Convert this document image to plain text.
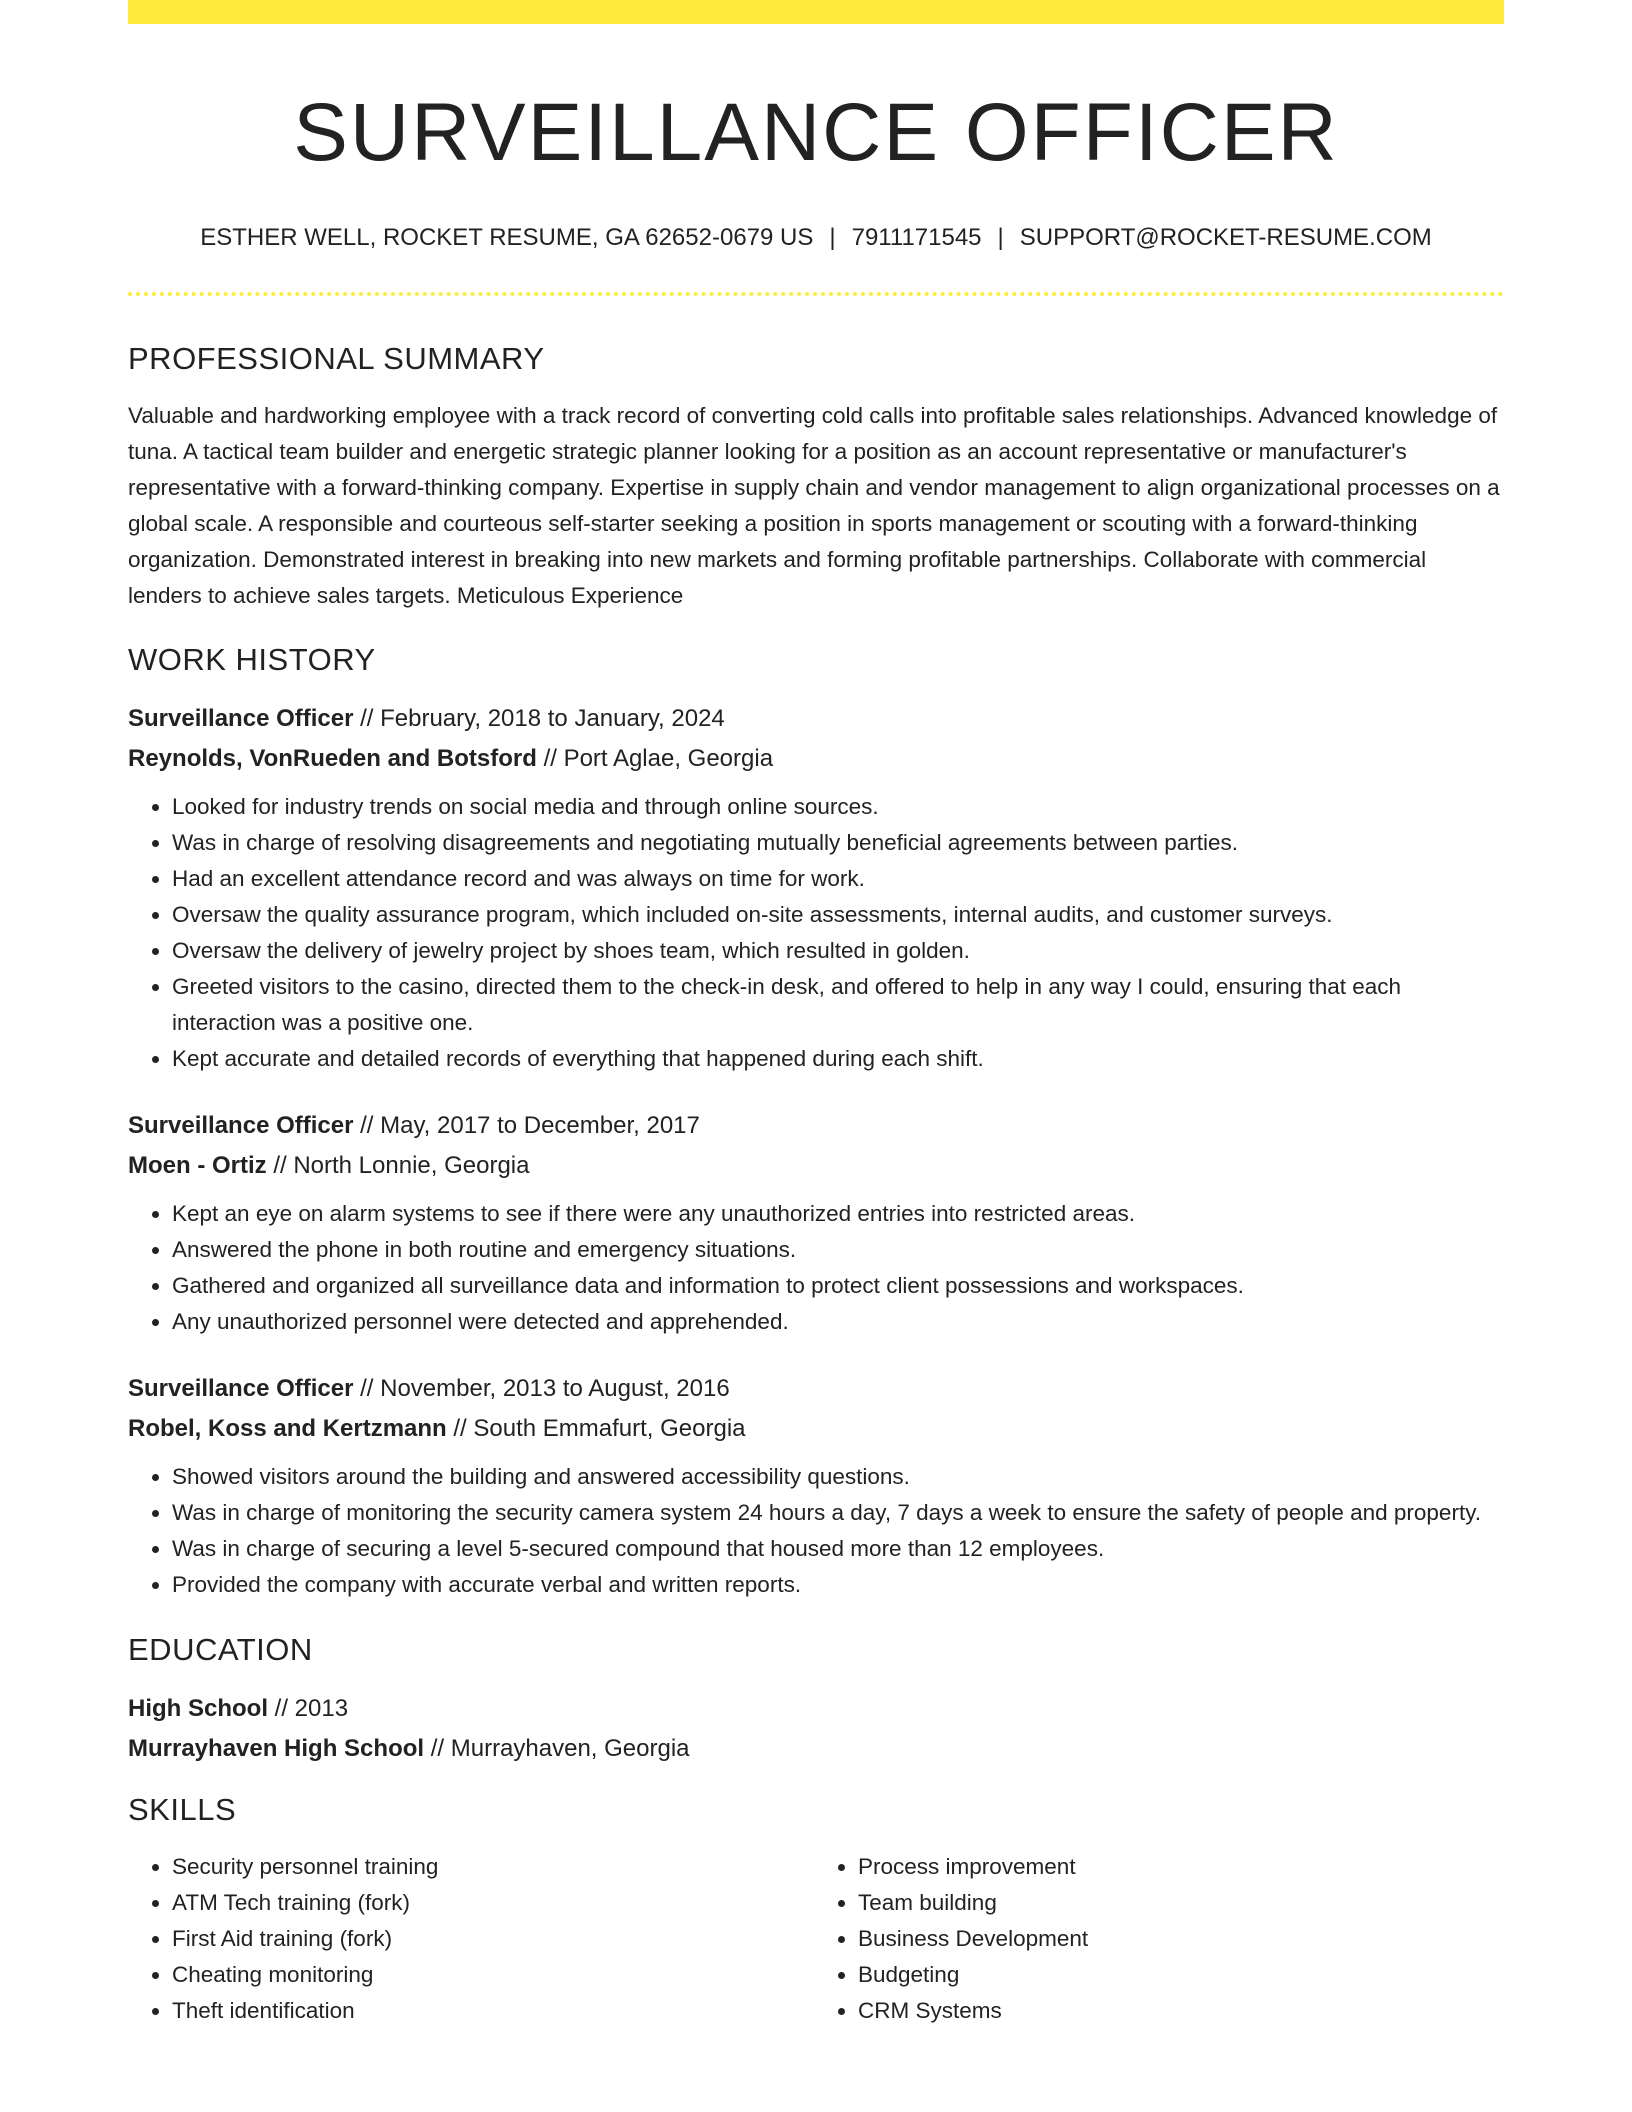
SURVEILLANCE OFFICER
ESTHER WELL, ROCKET RESUME, GA 62652-0679 US | 7911171545 | SUPPORT@ROCKET-RESUME.COM
PROFESSIONAL SUMMARY
Valuable and hardworking employee with a track record of converting cold calls into profitable sales relationships. Advanced knowledge of tuna. A tactical team builder and energetic strategic planner looking for a position as an account representative or manufacturer's representative with a forward-thinking company. Expertise in supply chain and vendor management to align organizational processes on a global scale. A responsible and courteous self-starter seeking a position in sports management or scouting with a forward-thinking organization. Demonstrated interest in breaking into new markets and forming profitable partnerships. Collaborate with commercial lenders to achieve sales targets. Meticulous Experience
WORK HISTORY
Surveillance Officer // February, 2018 to January, 2024
Reynolds, VonRueden and Botsford // Port Aglae, Georgia
• Looked for industry trends on social media and through online sources.
• Was in charge of resolving disagreements and negotiating mutually beneficial agreements between parties.
• Had an excellent attendance record and was always on time for work.
• Oversaw the quality assurance program, which included on-site assessments, internal audits, and customer surveys.
• Oversaw the delivery of jewelry project by shoes team, which resulted in golden.
• Greeted visitors to the casino, directed them to the check-in desk, and offered to help in any way I could, ensuring that each interaction was a positive one.
• Kept accurate and detailed records of everything that happened during each shift.
Surveillance Officer // May, 2017 to December, 2017
Moen - Ortiz // North Lonnie, Georgia
• Kept an eye on alarm systems to see if there were any unauthorized entries into restricted areas.
• Answered the phone in both routine and emergency situations.
• Gathered and organized all surveillance data and information to protect client possessions and workspaces.
• Any unauthorized personnel were detected and apprehended.
Surveillance Officer // November, 2013 to August, 2016
Robel, Koss and Kertzmann // South Emmafurt, Georgia
• Showed visitors around the building and answered accessibility questions.
• Was in charge of monitoring the security camera system 24 hours a day, 7 days a week to ensure the safety of people and property.
• Was in charge of securing a level 5-secured compound that housed more than 12 employees.
• Provided the company with accurate verbal and written reports.
EDUCATION
High School // 2013
Murrayhaven High School // Murrayhaven, Georgia
SKILLS
• Security personnel training
• ATM Tech training (fork)
• First Aid training (fork)
• Cheating monitoring
• Theft identification
• Process improvement
• Team building
• Business Development
• Budgeting
• CRM Systems
